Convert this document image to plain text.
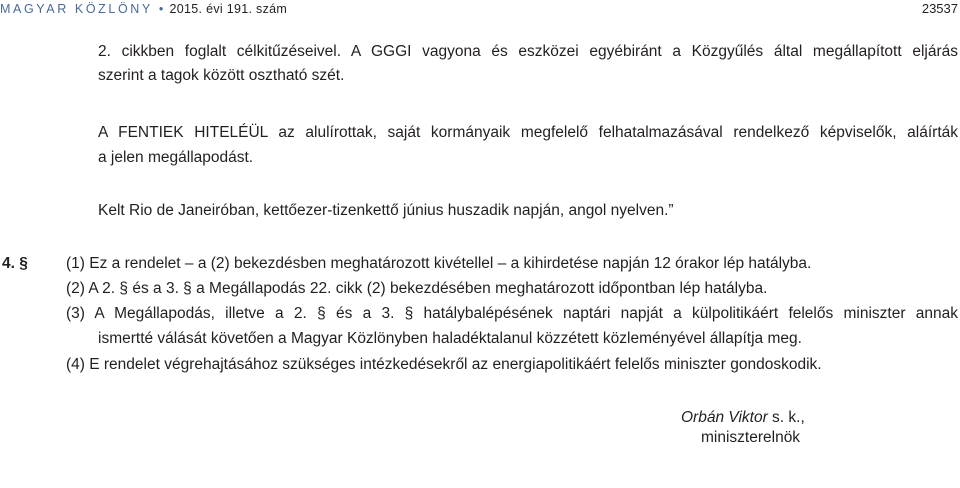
MAGYAR KÖZLÖNY • 2015. évi 191. szám	23537
2. cikkben foglalt célkitűzéseivel. A GGGI vagyona és eszközei egyébiránt a Közgyűlés által megállapított eljárás
szerint a tagok között osztható szét.
A FENTIEK HITELÉÜL az alulírottak, saját kormányaik megfelelő felhatalmazásával rendelkező képviselők, aláírták
a jelen megállapodást.
Kelt Rio de Janeiróban, kettőezer-tizenkettő június huszadik napján, angol nyelven.”
4. § (1) Ez a rendelet – a (2) bekezdésben meghatározott kivétellel – a kihirdetése napján 12 órakor lép hatályba.
(2) A 2. § és a 3. § a Megállapodás 22. cikk (2) bekezdésében meghatározott időpontban lép hatályba.
(3) A Megállapodás, illetve a 2. § és a 3. § hatálybalépésének naptári napját a külpolitikáért felelős miniszter annak
ismertté válását követően a Magyar Közlönyben haladéktalanul közzétett közleményével állapítja meg.
(4) E rendelet végrehajtásához szükséges intézkedésekről az energiapolitikáért felelős miniszter gondoskodik.
Orbán Viktor s. k.,
miniszterelnök
